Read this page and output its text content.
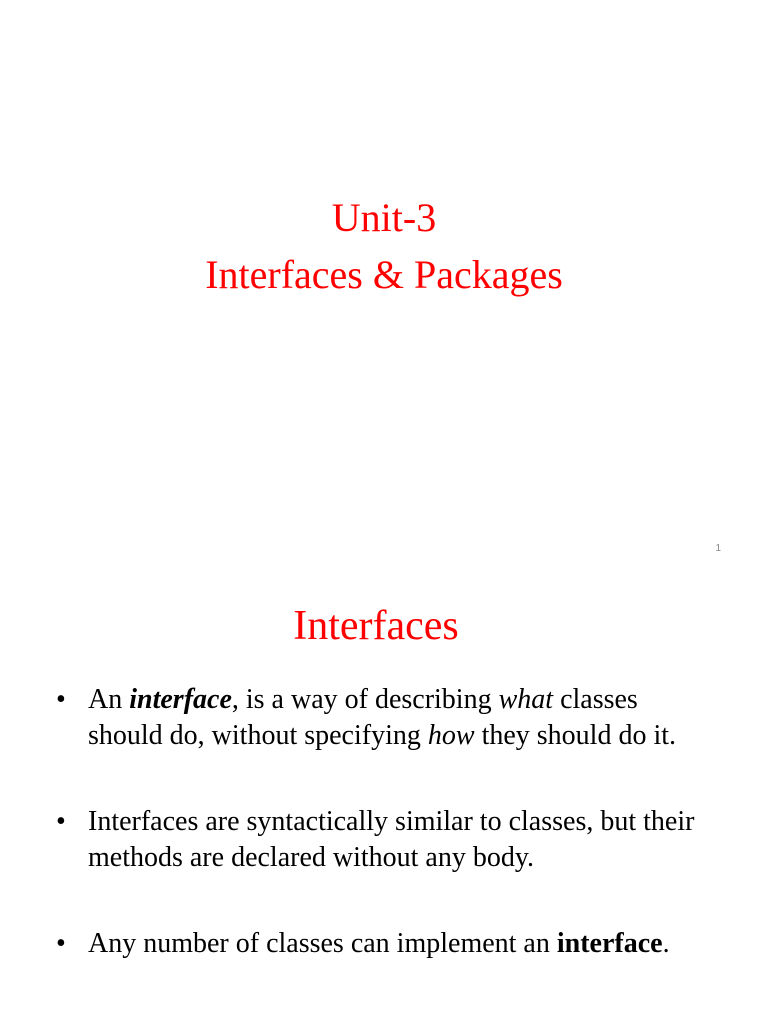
Unit-3
Interfaces & Packages
1
Interfaces
• An interface, is a way of describing what classes should do, without specifying how they should do it.
• Interfaces are syntactically similar to classes, but their methods are declared without any body.
• Any number of classes can implement an interface.
